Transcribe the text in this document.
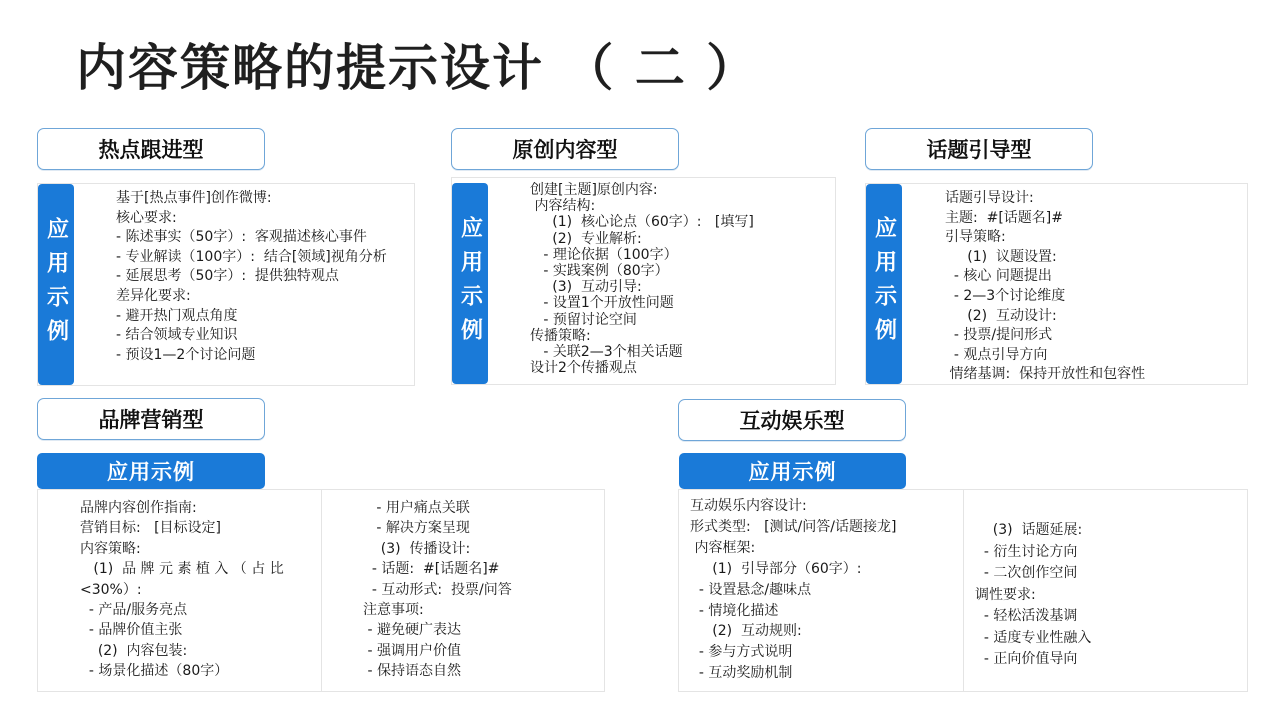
内容策略的提示设计 （ 二 ）
热点跟进型
应用示例
基于[热点事件]创作微博:
核心要求:
- 陈述事实（50字）:  客观描述核心事件
- 专业解读（100字）:  结合[领域]视角分析
- 延展思考（50字）:  提供独特观点
差异化要求:
- 避开热门观点角度
- 结合领域专业知识
- 预设1—2个讨论问题
原创内容型
应用示例
创建[主题]原创内容:
内容结构:
(1)  核心论点（60字）:   [填写]
(2)  专业解析:
- 理论依据（100字）
- 实践案例（80字）
(3)  互动引导:
- 设置1个开放性问题
- 预留讨论空间
传播策略:
- 关联2—3个相关话题
设计2个传播观点
话题引导型
应用示例
话题引导设计:
主题:  #[话题名]#
引导策略:
(1)  议题设置:
- 核心 问题提出
- 2—3个讨论维度
(2)  互动设计:
- 投票/提问形式
- 观点引导方向
情绪基调:  保持开放性和包容性
品牌营销型
应用示例
品牌内容创作指南:
营销目标:   [目标设定]
内容策略:
(1)  品 牌 元 素 植 入 （ 占 比
<30%）:
- 产品/服务亮点
- 品牌价值主张
(2)  内容包装:
- 场景化描述（80字）
- 用户痛点关联
- 解决方案呈现
(3)  传播设计:
- 话题:  #[话题名]#
- 互动形式:  投票/问答
注意事项:
- 避免硬广表达
- 强调用户价值
- 保持语态自然
互动娱乐型
应用示例
互动娱乐内容设计:
形式类型:   [测试/问答/话题接龙]
内容框架:
(1)  引导部分（60字）:
- 设置悬念/趣味点
- 情境化描述
(2)  互动规则:
- 参与方式说明
- 互动奖励机制
(3)  话题延展:
- 衍生讨论方向
- 二次创作空间
调性要求:
- 轻松活泼基调
- 适度专业性融入
- 正向价值导向
